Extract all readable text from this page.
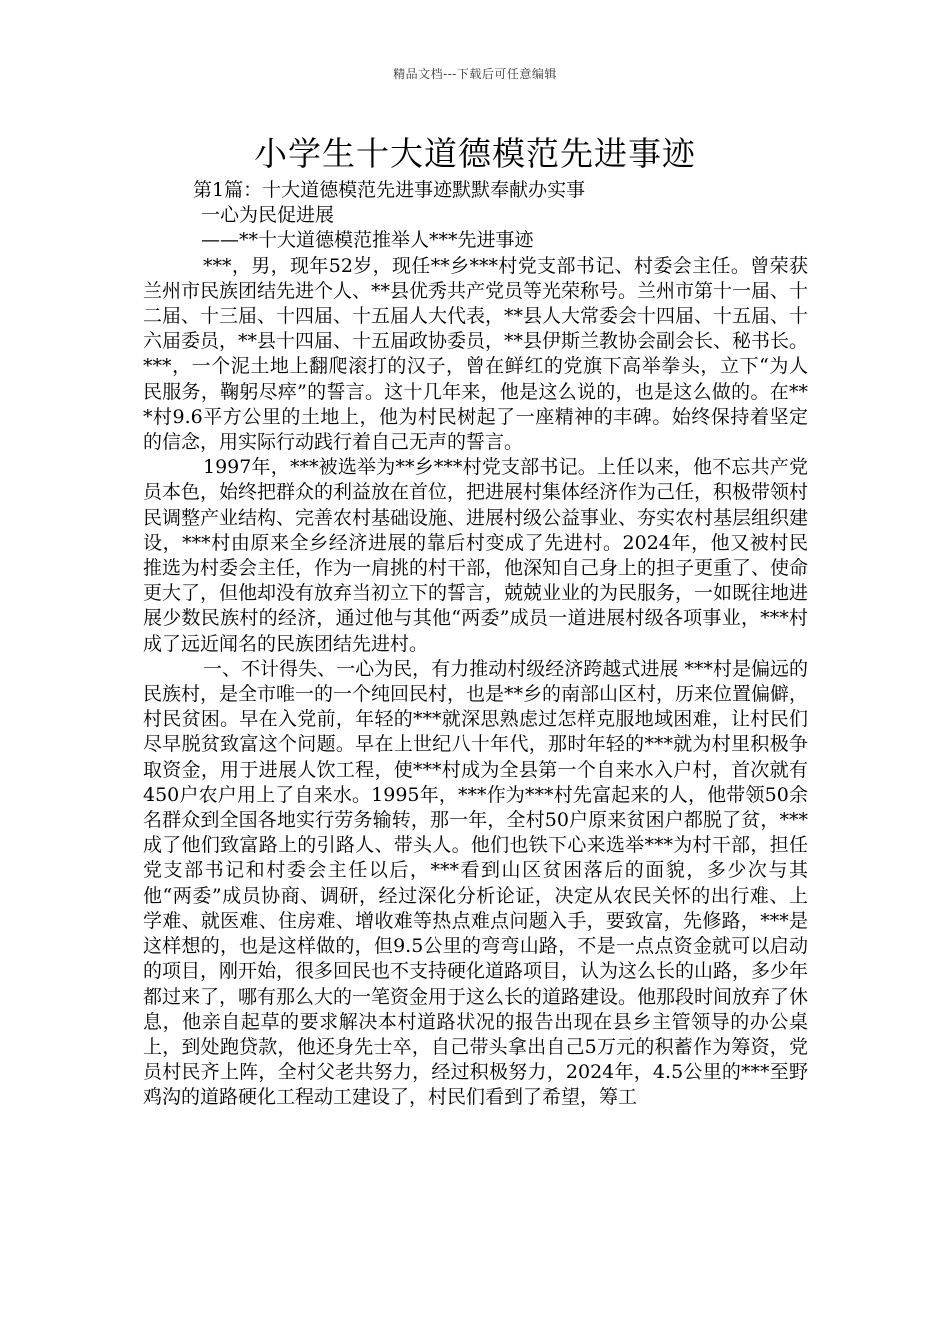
精品文档---下载后可任意编辑
小学生十大道德模范先进事迹

第1篇：十大道德模范先进事迹默默奉献办实事

一心为民促进展

——**十大道德模范推举人***先进事迹

***，男，现年52岁，现任**乡***村党支部书记、村委会主任。曾荣获兰州市民族团结先进个人、**县优秀共产党员等光荣称号。兰州市第十一届、十二届、十三届、十四届、十五届人大代表，**县人大常委会十四届、十五届、十六届委员，**县十四届、十五届政协委员，**县伊斯兰教协会副会长、秘书长。***，一个泥土地上翻爬滚打的汉子，曾在鲜红的党旗下高举拳头，立下“为人民服务，鞠躬尽瘁”的誓言。这十几年来，他是这么说的，也是这么做的。在***村9.6平方公里的土地上，他为村民树起了一座精神的丰碑。始终保持着坚定的信念，用实际行动践行着自己无声的誓言。

1997年，***被选举为**乡***村党支部书记。上任以来，他不忘共产党员本色，始终把群众的利益放在首位，把进展村集体经济作为己任，积极带领村民调整产业结构、完善农村基础设施、进展村级公益事业、夯实农村基层组织建设，***村由原来全乡经济进展的靠后村变成了先进村。2024年，他又被村民推选为村委会主任，作为一肩挑的村干部，他深知自己身上的担子更重了、使命更大了，但他却没有放弃当初立下的誓言，兢兢业业的为民服务，一如既往地进展少数民族村的经济，通过他与其他“两委”成员一道进展村级各项事业，***村成了远近闻名的民族团结先进村。

一、不计得失、一心为民，有力推动村级经济跨越式进展 ***村是偏远的民族村，是全市唯一的一个纯回民村，也是**乡的南部山区村，历来位置偏僻，村民贫困。早在入党前，年轻的***就深思熟虑过怎样克服地域困难，让村民们尽早脱贫致富这个问题。早在上世纪八十年代，那时年轻的***就为村里积极争取资金，用于进展人饮工程，使***村成为全县第一个自来水入户村，首次就有450户农户用上了自来水。1995年，***作为***村先富起来的人，他带领50余名群众到全国各地实行劳务输转，那一年，全村50户原来贫困户都脱了贫，***成了他们致富路上的引路人、带头人。他们也铁下心来选举***为村干部，担任党支部书记和村委会主任以后，***看到山区贫困落后的面貌，多少次与其他“两委”成员协商、调研，经过深化分析论证，决定从农民关怀的出行难、上学难、就医难、住房难、增收难等热点难点问题入手，要致富，先修路，***是这样想的，也是这样做的，但9.5公里的弯弯山路，不是一点点资金就可以启动的项目，刚开始，很多回民也不支持硬化道路项目，认为这么长的山路，多少年都过来了，哪有那么大的一笔资金用于这么长的道路建设。他那段时间放弃了休息，他亲自起草的要求解决本村道路状况的报告出现在县乡主管领导的办公桌上，到处跑贷款，他还身先士卒，自己带头拿出自己5万元的积蓄作为筹资，党员村民齐上阵，全村父老共努力，经过积极努力，2024年，4.5公里的***至野鸡沟的道路硬化工程动工建设了，村民们看到了希望，筹工
